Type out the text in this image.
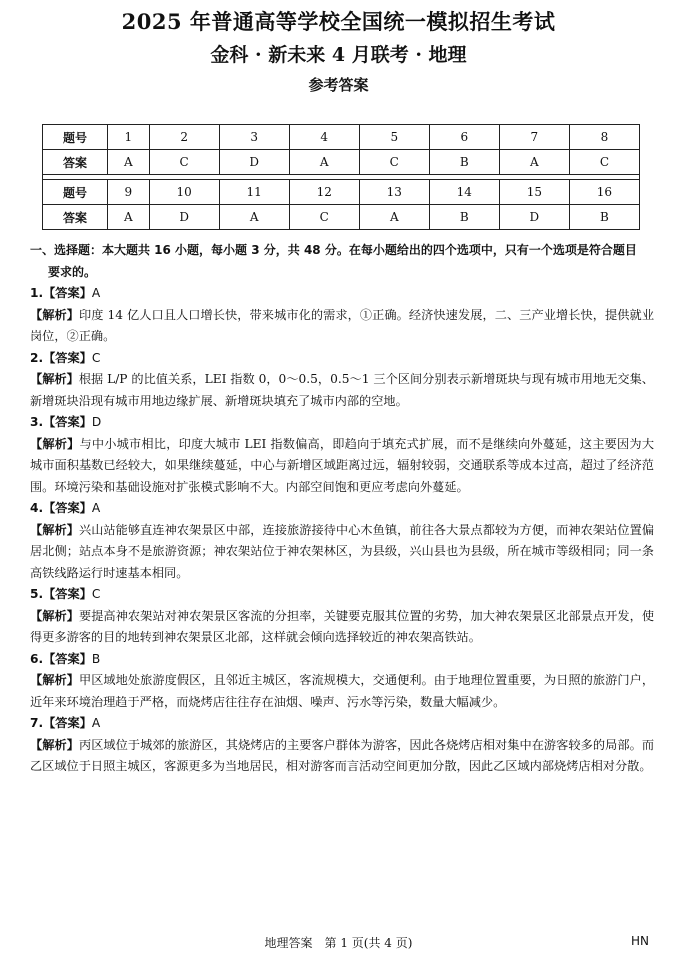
2025 年普通高等学校全国统一模拟招生考试
金科 · 新未来 4 月联考 · 地理
参考答案
题号	1	2	3	4	5	6	7	8
答案	A	C	D	A	C	B	A	C

题号	9	10	11	12	13	14	15	16
答案	A	D	A	C	A	B	D	B

一、选择题：本大题共 16 小题，每小题 3 分，共 48 分。在每小题给出的四个选项中，只有一个选项是符合题目
要求的。

1.【答案】A

【解析】印度 14 亿人口且人口增长快，带来城市化的需求，①正确。经济快速发展，二、三产业增长快，提供就业岗位，②正确。

2.【答案】C

【解析】根据 L/P 的比值关系，LEI 指数 0，0～0.5，0.5～1 三个区间分别表示新增斑块与现有城市用地无交集、新增斑块沿现有城市用地边缘扩展、新增斑块填充了城市内部的空地。

3.【答案】D

【解析】与中小城市相比，印度大城市 LEI 指数偏高，即趋向于填充式扩展，而不是继续向外蔓延，这主要因为大城市面积基数已经较大，如果继续蔓延，中心与新增区域距离过远，辐射较弱，交通联系等成本过高，超过了经济范围。环境污染和基础设施对扩张模式影响不大。内部空间饱和更应考虑向外蔓延。

4.【答案】A

【解析】兴山站能够直连神农架景区中部，连接旅游接待中心木鱼镇，前往各大景点都较为方便，而神农架站位置偏居北侧；站点本身不是旅游资源；神农架站位于神农架林区，为县级，兴山县也为县级，所在城市等级相同；同一条高铁线路运行时速基本相同。

5.【答案】C

【解析】要提高神农架站对神农架景区客流的分担率，关键要克服其位置的劣势，加大神农架景区北部景点开发，使得更多游客的目的地转到神农架景区北部，这样就会倾向选择较近的神农架高铁站。

6.【答案】B

【解析】甲区域地处旅游度假区，且邻近主城区，客流规模大，交通便利。由于地理位置重要，为日照的旅游门户，近年来环境治理趋于严格，而烧烤店往往存在油烟、噪声、污水等污染，数量大幅减少。

7.【答案】A

【解析】丙区域位于城郊的旅游区，其烧烤店的主要客户群体为游客，因此各烧烤店相对集中在游客较多的局部。而乙区域位于日照主城区，客源更多为当地居民，相对游客而言活动空间更加分散，因此乙区域内部烧烤店相对分散。

地理答案　第 1 页(共 4 页)	HN
